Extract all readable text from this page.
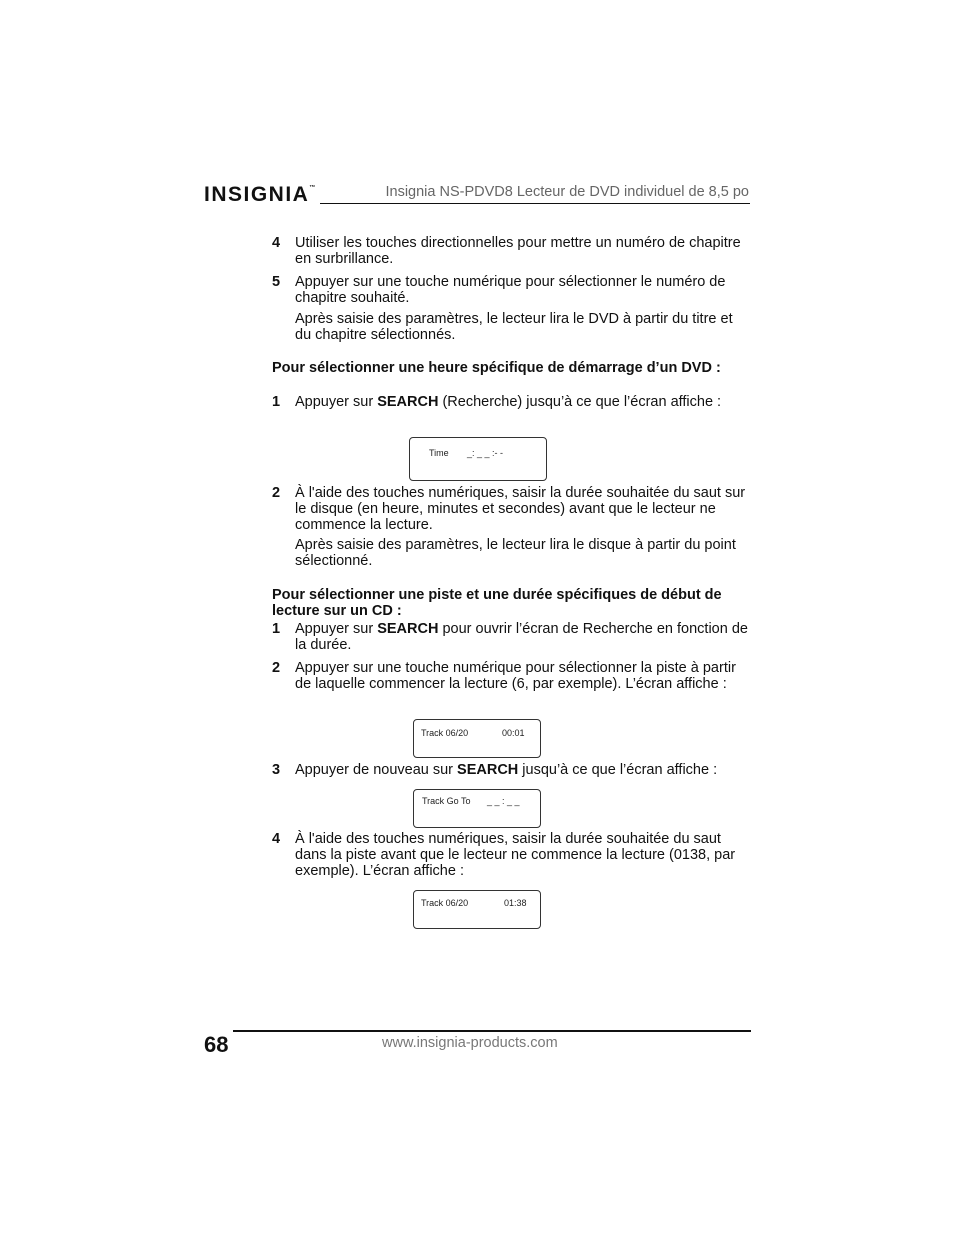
INSIGNIA™	Insignia NS-PDVD8 Lecteur de DVD individuel de 8,5 po
4 Utiliser les touches directionnelles pour mettre un numéro de chapitre en surbrillance.
5 Appuyer sur une touche numérique pour sélectionner le numéro de chapitre souhaité.
Après saisie des paramètres, le lecteur lira le DVD à partir du titre et du chapitre sélectionnés.
Pour sélectionner une heure spécifique de démarrage d’un DVD :
1 Appuyer sur SEARCH (Recherche) jusqu’à ce que l’écran affiche :
Time _: _ _ :- -
2 À l'aide des touches numériques, saisir la durée souhaitée du saut sur le disque (en heure, minutes et secondes) avant que le lecteur ne commence la lecture.
Après saisie des paramètres, le lecteur lira le disque à partir du point sélectionné.
Pour sélectionner une piste et une durée spécifiques de début de lecture sur un CD :
1 Appuyer sur SEARCH pour ouvrir l’écran de Recherche en fonction de la durée.
2 Appuyer sur une touche numérique pour sélectionner la piste à partir de laquelle commencer la lecture (6, par exemple). L’écran affiche :
Track 06/20	00:01
3 Appuyer de nouveau sur SEARCH jusqu’à ce que l’écran affiche :
Track Go To _ _ : _ _
4 À l'aide des touches numériques, saisir la durée souhaitée du saut dans la piste avant que le lecteur ne commence la lecture (0138, par exemple). L’écran affiche :
Track 06/20	01:38
68	www.insignia-products.com
